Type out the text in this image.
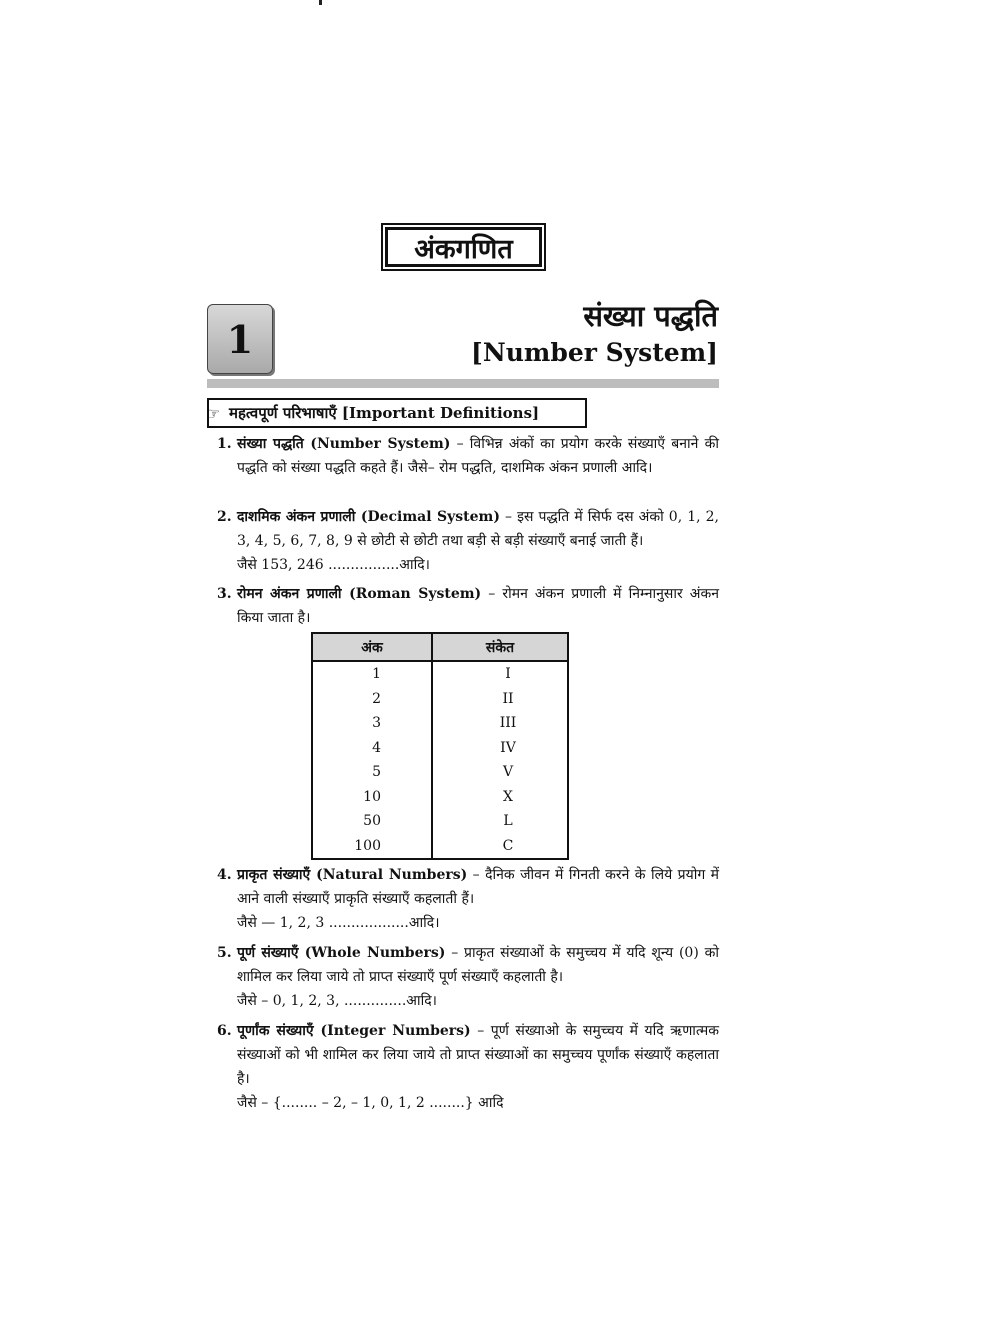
अंकगणित
1
संख्या पद्धति
[Number System]
☞ महत्वपूर्ण परिभाषाएँ [Important Definitions]
1. संख्या पद्धति (Number System) – विभिन्न अंकों का प्रयोग करके संख्याएँ बनाने की पद्धति को संख्या पद्धति कहते हैं। जैसे– रोम पद्धति, दाशमिक अंकन प्रणाली आदि।
2. दाशमिक अंकन प्रणाली (Decimal System) – इस पद्धति में सिर्फ दस अंको 0, 1, 2, 3, 4, 5, 6, 7, 8, 9 से छोटी से छोटी तथा बड़ी से बड़ी संख्याएँ बनाई जाती हैं।
जैसे 153, 246 ................आदि।
3. रोमन अंकन प्रणाली (Roman System) – रोमन अंकन प्रणाली में निम्नानुसार अंकन किया जाता है।
अंक	संकेत
1	I
2	II
3	III
4	IV
5	V
10	X
50	L
100	C
4. प्राकृत संख्याएँ (Natural Numbers) – दैनिक जीवन में गिनती करने के लिये प्रयोग में आने वाली संख्याएँ प्राकृति संख्याएँ कहलाती हैं।
जैसे — 1, 2, 3 ..................आदि।
5. पूर्ण संख्याएँ (Whole Numbers) – प्राकृत संख्याओं के समुच्चय में यदि शून्य (0) को शामिल कर लिया जाये तो प्राप्त संख्याएँ पूर्ण संख्याएँ कहलाती है।
जैसे – 0, 1, 2, 3, ..............आदि।
6. पूर्णांक संख्याएँ (Integer Numbers) – पूर्ण संख्याओ के समुच्चय में यदि ऋणात्मक संख्याओं को भी शामिल कर लिया जाये तो प्राप्त संख्याओं का समुच्चय पूर्णांक संख्याएँ कहलाता है।
जैसे – {........ – 2, – 1, 0, 1, 2 ........} आदि
